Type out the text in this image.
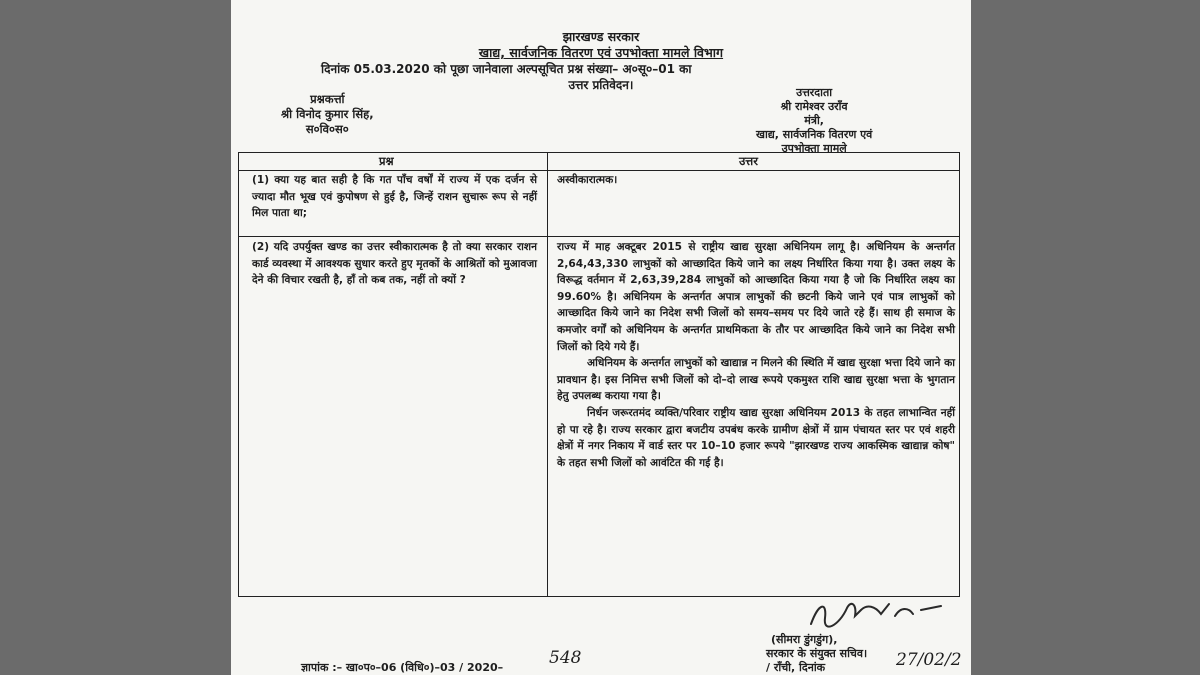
झारखण्ड सरकार
खाद्य, सार्वजनिक वितरण एवं उपभोक्ता मामले विभाग
दिनांक 05.03.2020 को पूछा जानेवाला अल्पसूचित प्रश्न संख्या– अ०सू०–01 का
उत्तर प्रतिवेदन।
प्रश्नकर्त्ता
श्री विनोद कुमार सिंह,
स०वि०स०
उत्तरदाता
श्री रामेश्वर उराँव
मंत्री,
खाद्य, सार्वजनिक वितरण एवं
उपभोक्ता मामले
प्रश्न	उत्तर
(1) क्या यह बात सही है कि गत पाँच वर्षों में राज्य में एक दर्जन से ज्यादा मौत भूख एवं कुपोषण से हुई है, जिन्हें राशन सुचारू रूप से नहीं मिल पाता था;
अस्वीकारात्मक।
(2) यदि उपर्युक्त खण्ड का उत्तर स्वीकारात्मक है तो क्या सरकार राशन कार्ड व्यवस्था में आवश्यक सुधार करते हुए मृतकों के आश्रितों को मुआवजा देने की विचार रखती है, हाँ तो कब तक, नहीं तो क्यों ?

राज्य में माह अक्टूबर 2015 से राष्ट्रीय खाद्य सुरक्षा अधिनियम लागू है। अधिनियम के अन्तर्गत 2,64,43,330 लाभुकों को आच्छादित किये जाने का लक्ष्य निर्धारित किया गया है। उक्त लक्ष्य के विरूद्ध वर्तमान में 2,63,39,284 लाभुकों को आच्छादित किया गया है जो कि निर्धारित लक्ष्य का 99.60% है। अधिनियम के अन्तर्गत अपात्र लाभुकों की छटनी किये जाने एवं पात्र लाभुकों को आच्छादित किये जाने का निदेश सभी जिलों को समय–समय पर दिये जाते रहे हैं। साथ ही समाज के कमजोर वर्गों को अधिनियम के अन्तर्गत प्राथमिकता के तौर पर आच्छादित किये जाने का निदेश सभी जिलों को दिये गये हैं।

अधिनियम के अन्तर्गत लाभुकों को खाद्यान्न न मिलने की स्थिति में खाद्य सुरक्षा भत्ता दिये जाने का प्रावधान है। इस निमित्त सभी जिलों को दो–दो लाख रूपये एकमुश्त राशि खाद्य सुरक्षा भत्ता के भुगतान हेतु उपलब्ध कराया गया है।

निर्धन जरूरतमंद व्यक्ति/परिवार राष्ट्रीय खाद्य सुरक्षा अधिनियम 2013 के तहत लाभान्वित नहीं हो पा रहे है। राज्य सरकार द्वारा बजटीय उपबंध करके ग्रामीण क्षेत्रों में ग्राम पंचायत स्तर पर एवं शहरी क्षेत्रों में नगर निकाय में वार्ड स्तर पर 10–10 हजार रूपये "झारखण्ड राज्य आकस्मिक खाद्यान्न कोष" के तहत सभी जिलों को आवंटित की गई है।

(सीमरा डुंगडुंग),
सरकार के संयुक्त सचिव।
ज्ञापांक :– खा०प०–06 (विधि०)–03 / 2020–	548	/ राँची, दिनांक	27/02/2
